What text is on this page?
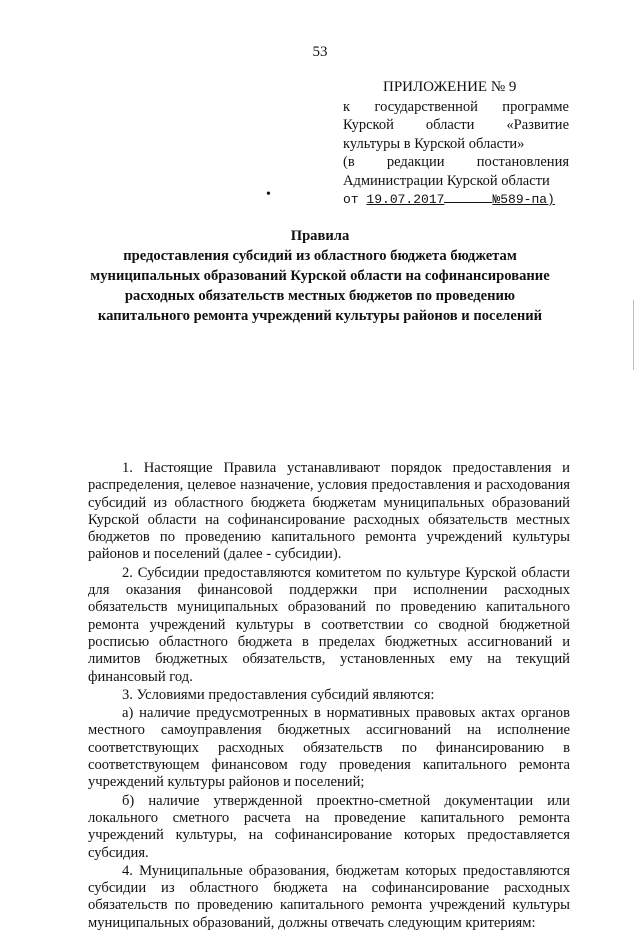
53
ПРИЛОЖЕНИЕ № 9
к государственной программе
Курской области «Развитие
культуры в Курской области»
(в редакции постановления
Администрации Курской области
от 19.07.2017	№589-па)
•
Правила
предоставления субсидий из областного бюджета бюджетам
муниципальных образований Курской области на софинансирование
расходных обязательств местных бюджетов по проведению
капитального ремонта учреждений культуры районов и поселений

1. Настоящие Правила устанавливают порядок предоставления и распределения, целевое назначение, условия предоставления и расходования субсидий из областного бюджета бюджетам муниципальных образований Курской области на софинансирование расходных обязательств местных бюджетов по проведению капитального ремонта учреждений культуры районов и поселений (далее - субсидии).

2. Субсидии предоставляются комитетом по культуре Курской области для оказания финансовой поддержки при исполнении расходных обязательств муниципальных образований по проведению капитального ремонта учреждений культуры в соответствии со сводной бюджетной росписью областного бюджета в пределах бюджетных ассигнований и лимитов бюджетных обязательств, установленных ему на текущий финансовый год.

3. Условиями предоставления субсидий являются:

а) наличие предусмотренных в нормативных правовых актах органов местного самоуправления бюджетных ассигнований на исполнение соответствующих расходных обязательств по финансированию в соответствующем финансовом году проведения капитального ремонта учреждений культуры районов и поселений;

б) наличие утвержденной проектно-сметной документации или локального сметного расчета на проведение капитального ремонта учреждений культуры, на софинансирование которых предоставляется субсидия.

4. Муниципальные образования, бюджетам которых предоставляются субсидии из областного бюджета на софинансирование расходных обязательств по проведению капитального ремонта учреждений культуры муниципальных образований, должны отвечать следующим критериям:
